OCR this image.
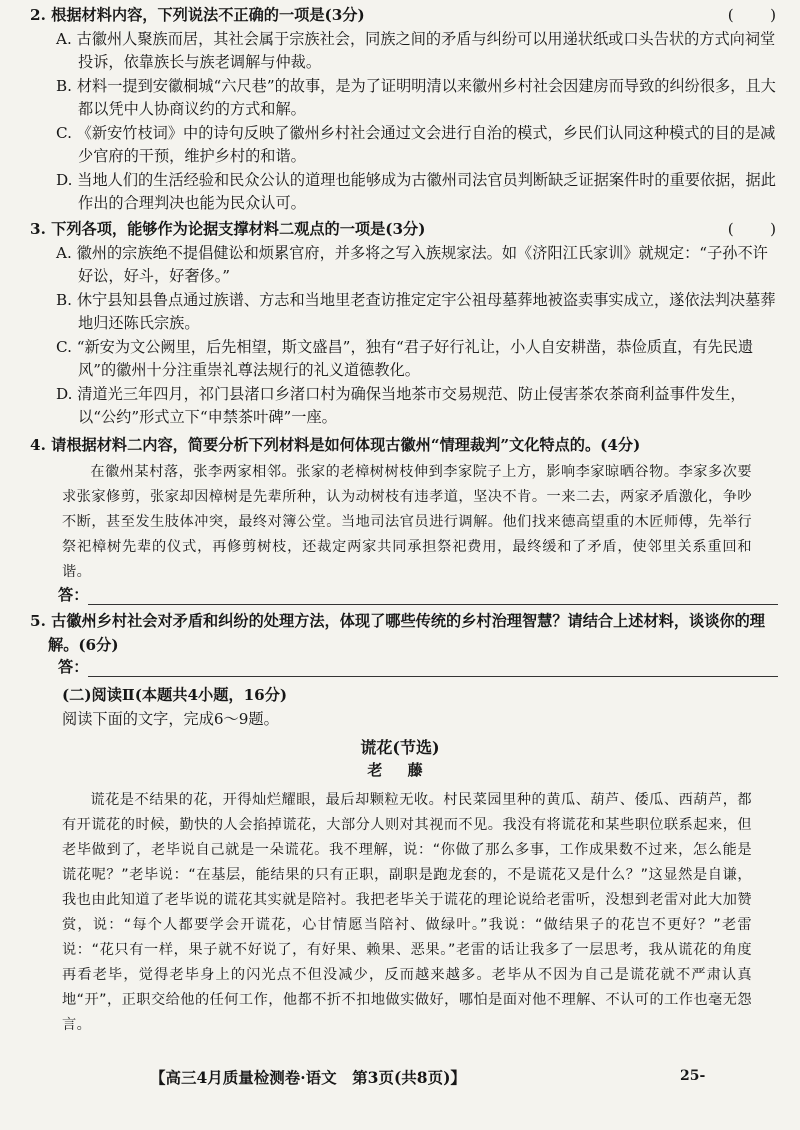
(　　)
2. 根据材料内容，下列说法不正确的一项是(3分)
A. 古徽州人聚族而居，其社会属于宗族社会，同族之间的矛盾与纠纷可以用递状纸或口头告状的方式向祠堂投诉，依靠族长与族老调解与仲裁。
B. 材料一提到安徽桐城“六尺巷”的故事，是为了证明明清以来徽州乡村社会因建房而导致的纠纷很多，且大都以凭中人协商议约的方式和解。
C. 《新安竹枝词》中的诗句反映了徽州乡村社会通过文会进行自治的模式，乡民们认同这种模式的目的是减少官府的干预，维护乡村的和谐。
D. 当地人们的生活经验和民众公认的道理也能够成为古徽州司法官员判断缺乏证据案件时的重要依据，据此作出的合理判决也能为民众认可。
(　　)
3. 下列各项，能够作为论据支撑材料二观点的一项是(3分)
A. 徽州的宗族绝不提倡健讼和烦累官府，并多将之写入族规家法。如《济阳江氏家训》就规定：“子孙不许好讼，好斗，好奢侈。”
B. 休宁县知县鲁点通过族谱、方志和当地里老查访推定定宇公祖母墓葬地被盗卖事实成立，遂依法判决墓葬地归还陈氏宗族。
C. “新安为文公阙里，后先相望，斯文盛昌”，独有“君子好行礼让，小人自安耕凿，恭俭质直，有先民遗风”的徽州十分注重崇礼尊法规行的礼义道德教化。
D. 清道光三年四月，祁门县渚口乡渚口村为确保当地茶市交易规范、防止侵害茶农茶商利益事件发生，以“公约”形式立下“申禁茶叶碑”一座。
4. 请根据材料二内容，简要分析下列材料是如何体现古徽州“情理裁判”文化特点的。(4分)

在徽州某村落，张李两家相邻。张家的老樟树树枝伸到李家院子上方，影响李家晾晒谷物。李家多次要求张家修剪，张家却因樟树是先辈所种，认为动树枝有违孝道，坚决不肯。一来二去，两家矛盾激化，争吵不断，甚至发生肢体冲突，最终对簿公堂。当地司法官员进行调解。他们找来德高望重的木匠师傅，先举行祭祀樟树先辈的仪式，再修剪树枝，还裁定两家共同承担祭祀费用，最终缓和了矛盾，使邻里关系重回和谐。

答：
5. 古徽州乡村社会对矛盾和纠纷的处理方法，体现了哪些传统的乡村治理智慧？请结合上述材料，谈谈你的理解。(6分)
答：
(二)阅读Ⅱ(本题共4小题，16分)
阅读下面的文字，完成6～9题。
谎花(节选)
老 藤

谎花是不结果的花，开得灿烂耀眼，最后却颗粒无收。村民菜园里种的黄瓜、葫芦、倭瓜、西葫芦，都有开谎花的时候，勤快的人会掐掉谎花，大部分人则对其视而不见。我没有将谎花和某些职位联系起来，但老毕做到了，老毕说自己就是一朵谎花。我不理解，说：“你做了那么多事，工作成果数不过来，怎么能是谎花呢？”老毕说：“在基层，能结果的只有正职，副职是跑龙套的，不是谎花又是什么？”这显然是自谦，我也由此知道了老毕说的谎花其实就是陪衬。我把老毕关于谎花的理论说给老雷听，没想到老雷对此大加赞赏，说：“每个人都要学会开谎花，心甘情愿当陪衬、做绿叶。”我说：“做结果子的花岂不更好？”老雷说：“花只有一样，果子就不好说了，有好果、赖果、恶果。”老雷的话让我多了一层思考，我从谎花的角度再看老毕，觉得老毕身上的闪光点不但没减少，反而越来越多。老毕从不因为自己是谎花就不严肃认真地“开”，正职交给他的任何工作，他都不折不扣地做实做好，哪怕是面对他不理解、不认可的工作也毫无怨言。

【高三4月质量检测卷·语文　第3页(共8页)】	25-
